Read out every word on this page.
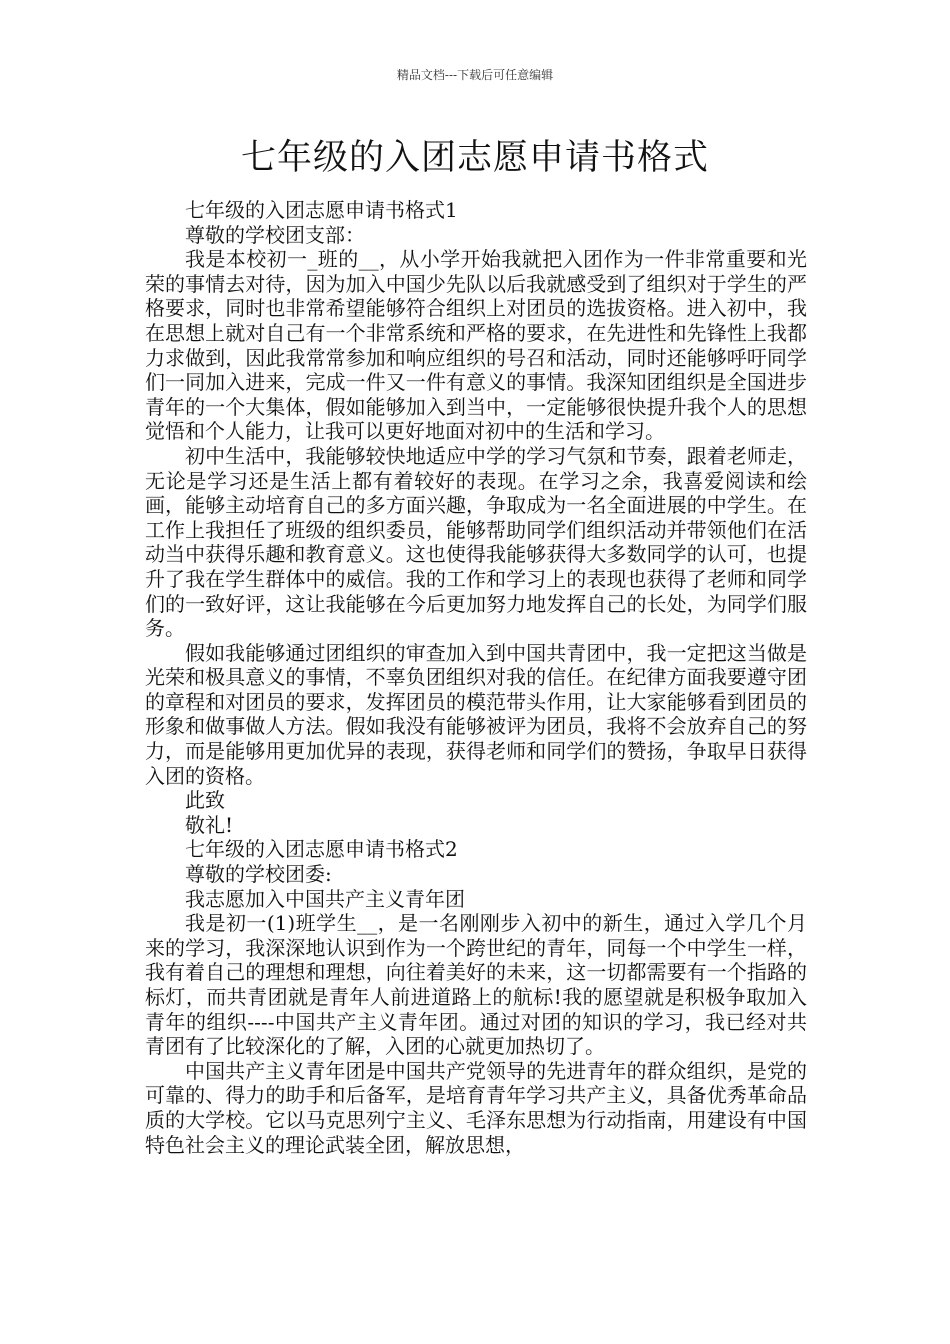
精品文档---下载后可任意编辑
七年级的入团志愿申请书格式

七年级的入团志愿申请书格式1

尊敬的学校团支部：

我是本校初一_班的__，从小学开始我就把入团作为一件非常重要和光荣的事情去对待，因为加入中国少先队以后我就感受到了组织对于学生的严格要求，同时也非常希望能够符合组织上对团员的选拔资格。进入初中，我在思想上就对自己有一个非常系统和严格的要求，在先进性和先锋性上我都力求做到，因此我常常参加和响应组织的号召和活动，同时还能够呼吁同学们一同加入进来，完成一件又一件有意义的事情。我深知团组织是全国进步青年的一个大集体，假如能够加入到当中，一定能够很快提升我个人的思想觉悟和个人能力，让我可以更好地面对初中的生活和学习。

初中生活中，我能够较快地适应中学的学习气氛和节奏，跟着老师走，无论是学习还是生活上都有着较好的表现。在学习之余，我喜爱阅读和绘画，能够主动培育自己的多方面兴趣，争取成为一名全面进展的中学生。在工作上我担任了班级的组织委员，能够帮助同学们组织活动并带领他们在活动当中获得乐趣和教育意义。这也使得我能够获得大多数同学的认可，也提升了我在学生群体中的威信。我的工作和学习上的表现也获得了老师和同学们的一致好评，这让我能够在今后更加努力地发挥自己的长处，为同学们服务。

假如我能够通过团组织的审查加入到中国共青团中，我一定把这当做是光荣和极具意义的事情，不辜负团组织对我的信任。在纪律方面我要遵守团的章程和对团员的要求，发挥团员的模范带头作用，让大家能够看到团员的形象和做事做人方法。假如我没有能够被评为团员，我将不会放弃自己的努力，而是能够用更加优异的表现，获得老师和同学们的赞扬，争取早日获得入团的资格。

此致

敬礼!

七年级的入团志愿申请书格式2

尊敬的学校团委:

我志愿加入中国共产主义青年团

我是初一(1)班学生__，是一名刚刚步入初中的新生，通过入学几个月来的学习，我深深地认识到作为一个跨世纪的青年，同每一个中学生一样，我有着自己的理想和理想，向往着美好的未来，这一切都需要有一个指路的标灯，而共青团就是青年人前进道路上的航标!我的愿望就是积极争取加入青年的组织----中国共产主义青年团。通过对团的知识的学习，我已经对共青团有了比较深化的了解，入团的心就更加热切了。

中国共产主义青年团是中国共产党领导的先进青年的群众组织，是党的可靠的、得力的助手和后备军，是培育青年学习共产主义，具备优秀革命品质的大学校。它以马克思列宁主义、毛泽东思想为行动指南，用建设有中国特色社会主义的理论武装全团，解放思想，
